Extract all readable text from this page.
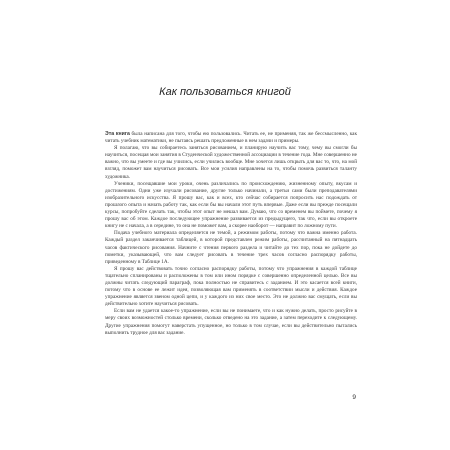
Как пользоваться книгой

Эта книга была написана для того, чтобы ею пользовались. Читать ее, не применяя, так же бессмысленно, как читать учебник математики, не пытаясь решать предложенные в нем задачи и примеры.

Я полагаю, что вы собираетесь заняться рисованием, и планирую научить вас тому, чему вы смогли бы научиться, посещая мои занятия в Студенческой художественной ассоциации в течение года. Мне совершенно не важно, что вы умеете и где вы учились, если учились вообще. Мне хочется лишь открыть для вас то, что, на мой взгляд, поможет вам научиться рисовать. Все мои усилия направлены на то, чтобы помочь развиться таланту художника.

Ученики, посещавшие мои уроки, очень различались по происхождению, жизненному опыту, вкусам и достижениям. Одни уже изучали рисование, другие только начинали, а третьи сами были преподавателями изобразительного искусства. Я прошу вас, как и всех, кто сейчас собирается попросить нас подождать от прошлого опыта и начать работу так, как если бы вы начали этот путь впервые. Даже если вы прежде посещали курсы, попробуйте сделать так, чтобы этот опыт не мешал вам. Думаю, что со временем вы поймете, почему я прошу вас об этом. Каждое последующее упражнение развивается из предыдущего, так что, если вы откроете книгу не с начала, а в середине, то она не поможет вам, а скорее наоборот — направит по ложному пути.

Подача учебного материала определяется не темой, а режимом работы, потому что важна именно работа. Каждый раздел заканчивается таблицей, в которой представлен режим работы, рассчитанный на пятнадцать часов фактического рисования. Начните с чтения первого раздела и читайте до тех пор, пока не дойдете до пометки, указывающей, что вам следует рисовать в течение трех часов согласно распорядку работы, приведенному в Таблице 1А.

Я прошу вас действовать точно согласно распорядку работы, потому что упражнения в каждой таблице тщательно спланированы и расположены в том или ином порядке с совершенно определенной целью. Все вы должны читать следующий параграф, пока полностью не справитесь с заданием. И это касается всей книги, потому что в основе ее лежит идея, позволяющая вам применять в соответствии мысли и действия. Каждое упражнение является звеном одной цепи, и у каждого из них свое место. Это не должно вас смущать, если вы действительно хотите научиться рисовать.

Если вам не удается какое-то упражнение, если вы не понимаете, что и как нужно делать, просто рисуйте в меру своих возможностей столько времени, сколько отведено на это задание, а затем переходите к следующему. Другие упражнения помогут наверстать упущенное, но только в том случае, если вы действительно пытались выполнить трудное для вас задание.

9
